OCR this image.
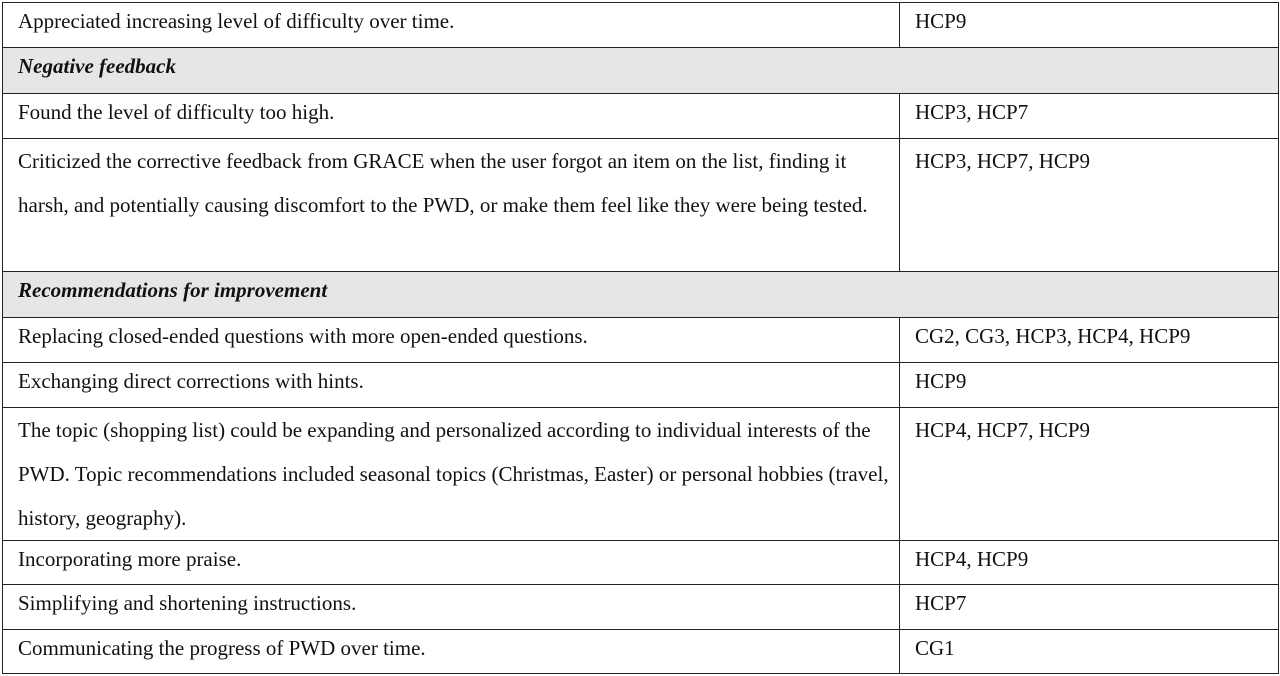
Appreciated increasing level of difficulty over time.	HCP9
Negative feedback	
Found the level of difficulty too high.	HCP3, HCP7
Criticized the corrective feedback from GRACE when the user forgot an item on the list, finding it harsh, and potentially causing discomfort to the PWD, or make them feel like they were being tested.	HCP3, HCP7, HCP9
Recommendations for improvement	
Replacing closed-ended questions with more open-ended questions.	CG2, CG3, HCP3, HCP4, HCP9
Exchanging direct corrections with hints.	HCP9
The topic (shopping list) could be expanding and personalized according to individual interests of the PWD. Topic recommendations included seasonal topics (Christmas, Easter) or personal hobbies (travel, history, geography).	HCP4, HCP7, HCP9
Incorporating more praise.	HCP4, HCP9
Simplifying and shortening instructions.	HCP7
Communicating the progress of PWD over time.	CG1
